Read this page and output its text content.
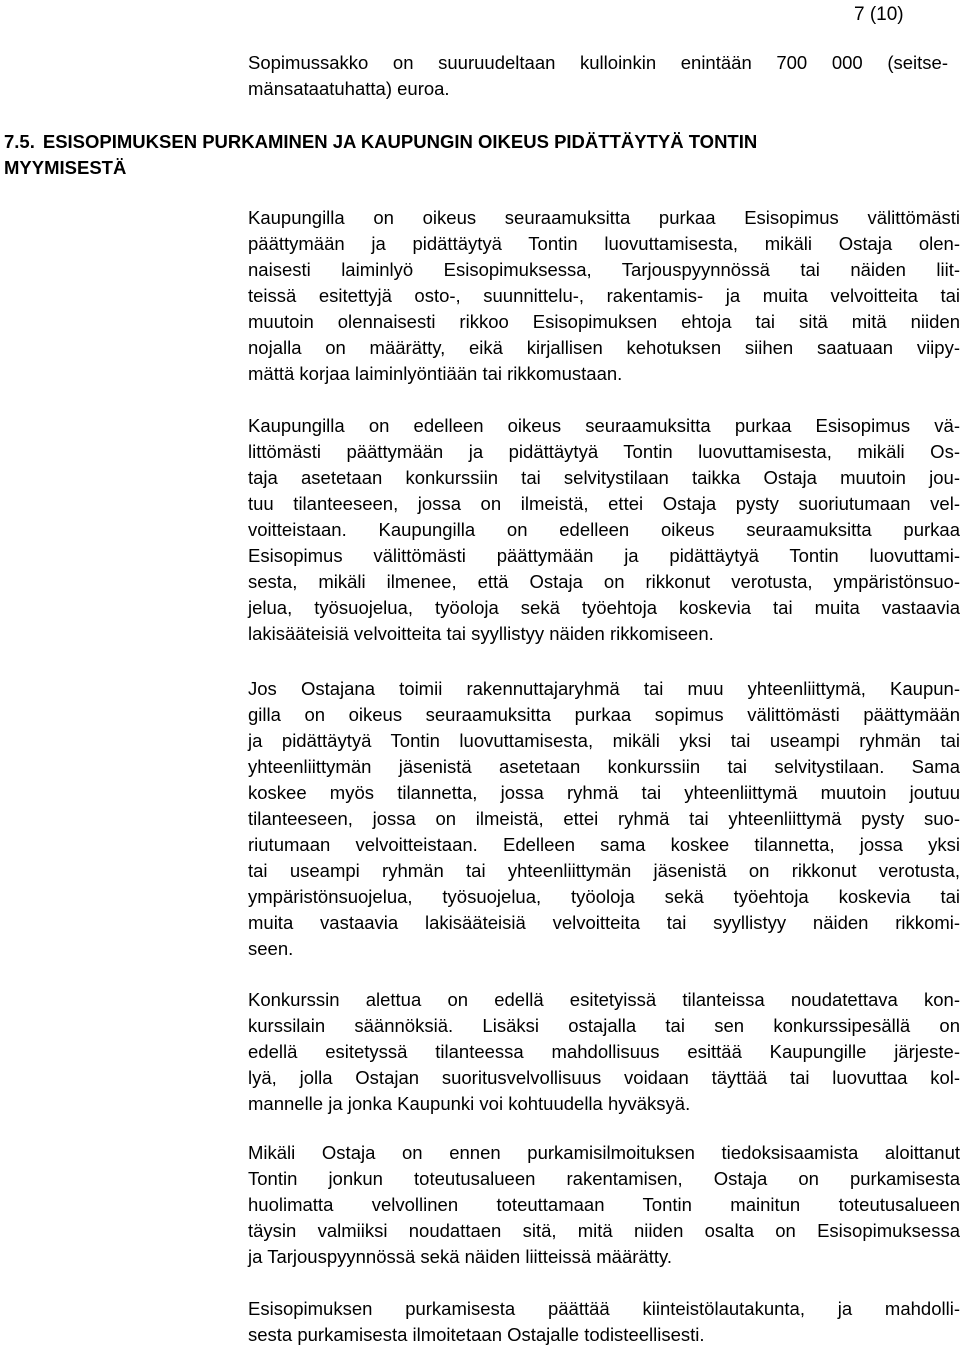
7 (10)
Sopimussakko on suuruudeltaan kulloinkin enintään 700 000 (seitse-
mänsataatuhatta) euroa.
7.5. ESISOPIMUKSEN PURKAMINEN JA KAUPUNGIN OIKEUS PIDÄTTÄYTYÄ TONTIN
MYYMISESTÄ
Kaupungilla on oikeus seuraamuksitta purkaa Esisopimus välittömästi
päättymään ja pidättäytyä Tontin luovuttamisesta, mikäli Ostaja olen-
naisesti laiminlyö Esisopimuksessa, Tarjouspyynnössä tai näiden liit-
teissä esitettyjä osto-, suunnittelu-, rakentamis- ja muita velvoitteita tai
muutoin olennaisesti rikkoo Esisopimuksen ehtoja tai sitä mitä niiden
nojalla on määrätty, eikä kirjallisen kehotuksen siihen saatuaan viipy-
mättä korjaa laiminlyöntiään tai rikkomustaan.
Kaupungilla on edelleen oikeus seuraamuksitta purkaa Esisopimus vä-
littömästi päättymään ja pidättäytyä Tontin luovuttamisesta, mikäli Os-
taja asetetaan konkurssiin tai selvitystilaan taikka Ostaja muutoin jou-
tuu tilanteeseen, jossa on ilmeistä, ettei Ostaja pysty suoriutumaan vel-
voitteistaan. Kaupungilla on edelleen oikeus seuraamuksitta purkaa
Esisopimus välittömästi päättymään ja pidättäytyä Tontin luovuttami-
sesta, mikäli ilmenee, että Ostaja on rikkonut verotusta, ympäristönsuo-
jelua, työsuojelua, työoloja sekä työehtoja koskevia tai muita vastaavia
lakisääteisiä velvoitteita tai syyllistyy näiden rikkomiseen.
Jos Ostajana toimii rakennuttajaryhmä tai muu yhteenliittymä, Kaupun-
gilla on oikeus seuraamuksitta purkaa sopimus välittömästi päättymään
ja pidättäytyä Tontin luovuttamisesta, mikäli yksi tai useampi ryhmän tai
yhteenliittymän jäsenistä asetetaan konkurssiin tai selvitystilaan. Sama
koskee myös tilannetta, jossa ryhmä tai yhteenliittymä muutoin joutuu
tilanteeseen, jossa on ilmeistä, ettei ryhmä tai yhteenliittymä pysty suo-
riutumaan velvoitteistaan. Edelleen sama koskee tilannetta, jossa yksi
tai useampi ryhmän tai yhteenliittymän jäsenistä on rikkonut verotusta,
ympäristönsuojelua, työsuojelua, työoloja sekä työehtoja koskevia tai
muita vastaavia lakisääteisiä velvoitteita tai syyllistyy näiden rikkomi-
seen.
Konkurssin alettua on edellä esitetyissä tilanteissa noudatettava kon-
kurssilain säännöksiä. Lisäksi ostajalla tai sen konkurssipesällä on
edellä esitetyssä tilanteessa mahdollisuus esittää Kaupungille järjeste-
lyä, jolla Ostajan suoritusvelvollisuus voidaan täyttää tai luovuttaa kol-
mannelle ja jonka Kaupunki voi kohtuudella hyväksyä.
Mikäli Ostaja on ennen purkamisilmoituksen tiedoksisaamista aloittanut
Tontin jonkun toteutusalueen rakentamisen, Ostaja on purkamisesta
huolimatta velvollinen toteuttamaan Tontin mainitun toteutusalueen
täysin valmiiksi noudattaen sitä, mitä niiden osalta on Esisopimuksessa
ja Tarjouspyynnössä sekä näiden liitteissä määrätty.
Esisopimuksen purkamisesta päättää kiinteistölautakunta, ja mahdolli-
sesta purkamisesta ilmoitetaan Ostajalle todisteellisesti.
